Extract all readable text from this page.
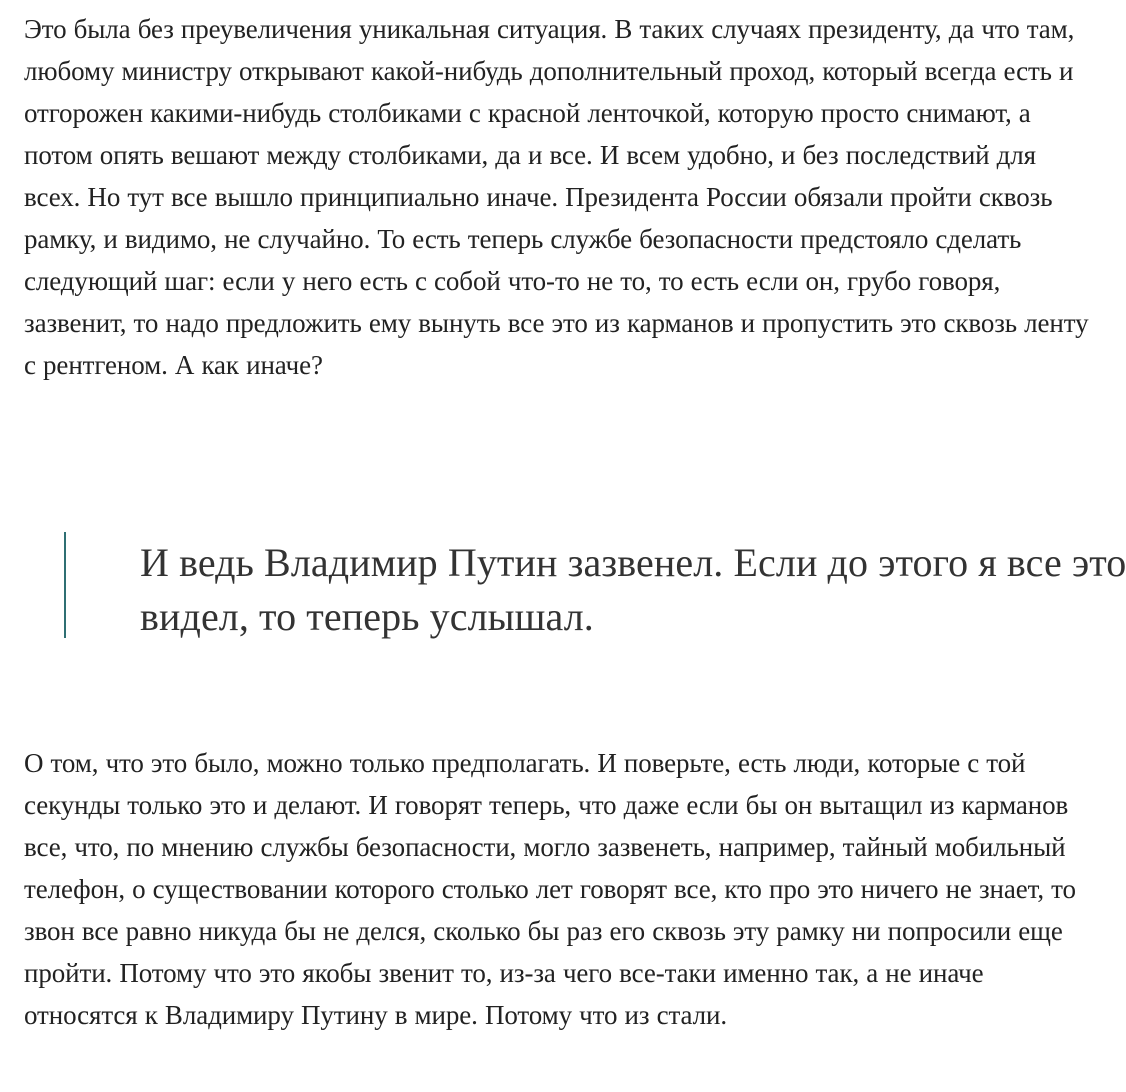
Это была без преувеличения уникальная ситуация. В таких случаях президенту, да что там, любому министру открывают какой-нибудь дополнительный проход, который всегда есть и отгорожен какими-нибудь столбиками с красной ленточкой, которую просто снимают, а потом опять вешают между столбиками, да и все. И всем удобно, и без последствий для всех. Но тут все вышло принципиально иначе. Президента России обязали пройти сквозь рамку, и видимо, не случайно. То есть теперь службе безопасности предстояло сделать следующий шаг: если у него есть с собой что-то не то, то есть если он, грубо говоря, зазвенит, то надо предложить ему вынуть все это из карманов и пропустить это сквозь ленту с рентгеном. А как иначе?

И ведь Владимир Путин зазвенел. Если до этого я все это видел, то теперь услышал.

О том, что это было, можно только предполагать. И поверьте, есть люди, которые с той секунды только это и делают. И говорят теперь, что даже если бы он вытащил из карманов все, что, по мнению службы безопасности, могло зазвенеть, например, тайный мобильный телефон, о существовании которого столько лет говорят все, кто про это ничего не знает, то звон все равно никуда бы не делся, сколько бы раз его сквозь эту рамку ни попросили еще пройти. Потому что это якобы звенит то, из-за чего все-таки именно так, а не иначе относятся к Владимиру Путину в мире. Потому что из стали.
